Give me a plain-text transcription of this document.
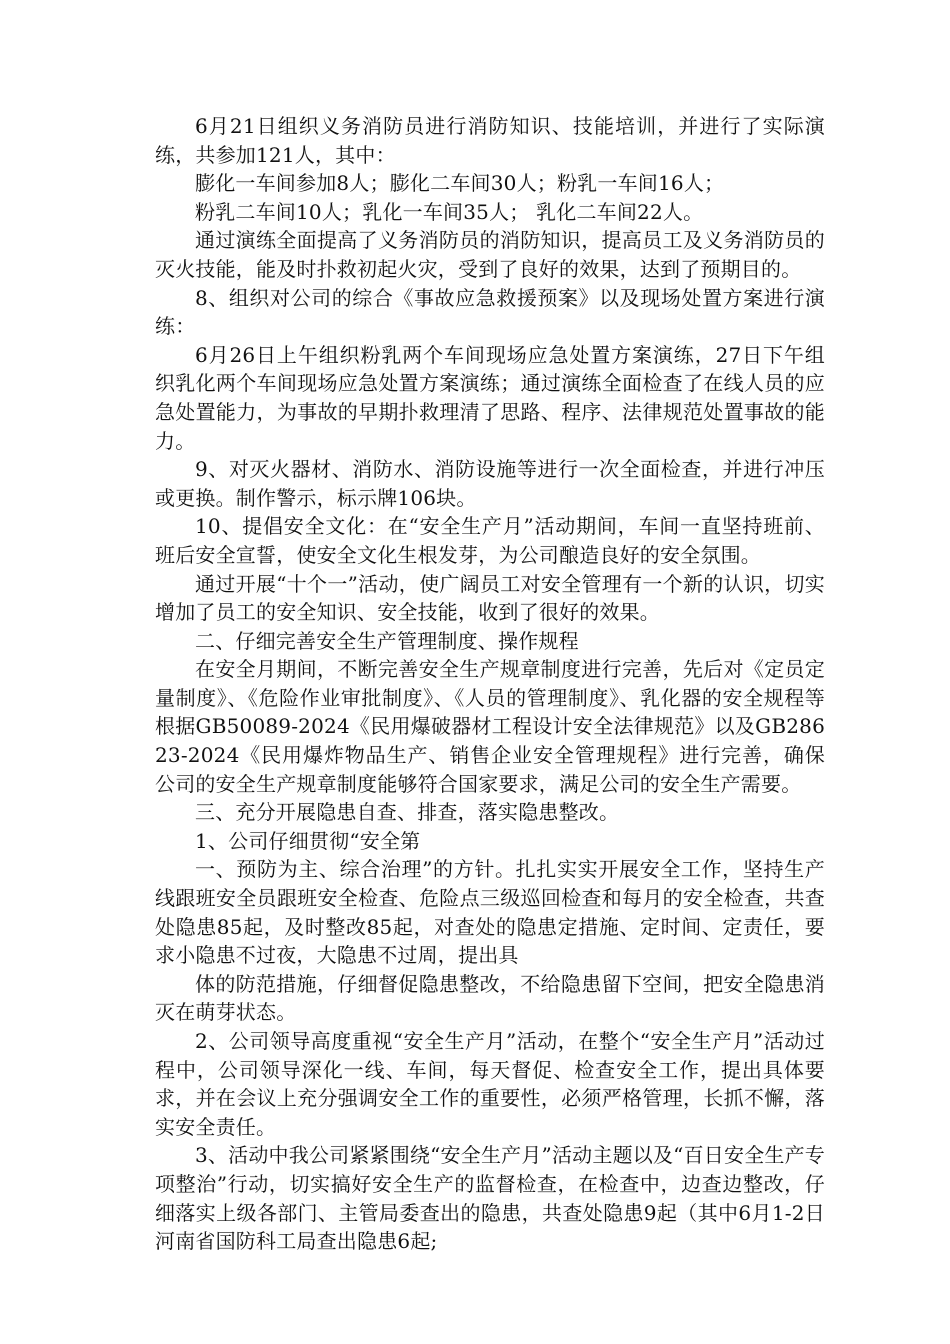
6月21日组织义务消防员进行消防知识、技能培训，并进行了实际演练，共参加121人，其中：

膨化一车间参加8人；膨化二车间30人；粉乳一车间16人；

粉乳二车间10人；乳化一车间35人； 乳化二车间22人。

通过演练全面提高了义务消防员的消防知识，提高员工及义务消防员的灭火技能，能及时扑救初起火灾，受到了良好的效果，达到了预期目的。

8、组织对公司的综合《事故应急救援预案》以及现场处置方案进行演练：

6月26日上午组织粉乳两个车间现场应急处置方案演练，27日下午组织乳化两个车间现场应急处置方案演练；通过演练全面检查了在线人员的应急处置能力，为事故的早期扑救理清了思路、程序、法律规范处置事故的能力。

9、对灭火器材、消防水、消防设施等进行一次全面检查，并进行冲压或更换。制作警示，标示牌106块。

10、提倡安全文化：在“安全生产月”活动期间，车间一直坚持班前、班后安全宣誓，使安全文化生根发芽，为公司酿造良好的安全氛围。

通过开展“十个一”活动，使广阔员工对安全管理有一个新的认识，切实增加了员工的安全知识、安全技能，收到了很好的效果。

二、仔细完善安全生产管理制度、操作规程

在安全月期间，不断完善安全生产规章制度进行完善，先后对《定员定量制度》、《危险作业审批制度》、《人员的管理制度》、乳化器的安全规程等根据GB50089-2024《民用爆破器材工程设计安全法律规范》以及GB28623-2024《民用爆炸物品生产、销售企业安全管理规程》进行完善，确保公司的安全生产规章制度能够符合国家要求，满足公司的安全生产需要。

三、充分开展隐患自查、排查，落实隐患整改。

1、公司仔细贯彻“安全第

一、预防为主、综合治理”的方针。扎扎实实开展安全工作，坚持生产线跟班安全员跟班安全检查、危险点三级巡回检查和每月的安全检查，共查处隐患85起，及时整改85起，对查处的隐患定措施、定时间、定责任，要求小隐患不过夜，大隐患不过周，提出具

体的防范措施，仔细督促隐患整改，不给隐患留下空间，把安全隐患消灭在萌芽状态。

2、公司领导高度重视“安全生产月”活动，在整个“安全生产月”活动过程中，公司领导深化一线、车间，每天督促、检查安全工作，提出具体要求，并在会议上充分强调安全工作的重要性，必须严格管理，长抓不懈，落实安全责任。

3、活动中我公司紧紧围绕“安全生产月”活动主题以及“百日安全生产专项整治”行动，切实搞好安全生产的监督检查，在检查中，边查边整改，仔细落实上级各部门、主管局委查出的隐患，共查处隐患9起（其中6月1-2日河南省国防科工局查出隐患6起;
